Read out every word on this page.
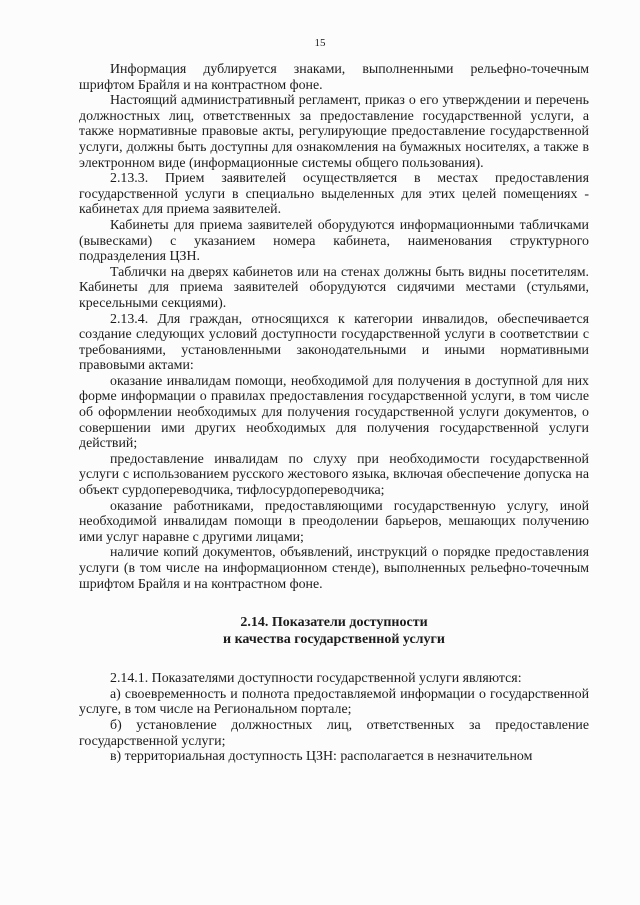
15

Информация дублируется знаками, выполненными рельефно-точечным шрифтом Брайля и на контрастном фоне.

Настоящий административный регламент, приказ о его утверждении и перечень должностных лиц, ответственных за предоставление государственной услуги, а также нормативные правовые акты, регулирующие предоставление государственной услуги, должны быть доступны для ознакомления на бумажных носителях, а также в электронном виде (информационные системы общего пользования).

2.13.3. Прием заявителей осуществляется в местах предоставления государственной услуги в специально выделенных для этих целей помещениях - кабинетах для приема заявителей.

Кабинеты для приема заявителей оборудуются информационными табличками (вывесками) с указанием номера кабинета, наименования структурного подразделения ЦЗН.

Таблички на дверях кабинетов или на стенах должны быть видны посетителям. Кабинеты для приема заявителей оборудуются сидячими местами (стульями, кресельными секциями).

2.13.4. Для граждан, относящихся к категории инвалидов, обеспечивается создание следующих условий доступности государственной услуги в соответствии с требованиями, установленными законодательными и иными нормативными правовыми актами:

оказание инвалидам помощи, необходимой для получения в доступной для них форме информации о правилах предоставления государственной услуги, в том числе об оформлении необходимых для получения государственной услуги документов, о совершении ими других необходимых для получения государственной услуги действий;

предоставление инвалидам по слуху при необходимости государственной услуги с использованием русского жестового языка, включая обеспечение допуска на объект сурдопереводчика, тифлосурдопереводчика;

оказание работниками, предоставляющими государственную услугу, иной необходимой инвалидам помощи в преодолении барьеров, мешающих получению ими услуг наравне с другими лицами;

наличие копий документов, объявлений, инструкций о порядке предоставления услуги (в том числе на информационном стенде), выполненных рельефно-точечным шрифтом Брайля и на контрастном фоне.

2.14. Показатели доступности
и качества государственной услуги

2.14.1. Показателями доступности государственной услуги являются:

а) своевременность и полнота предоставляемой информации о государственной услуге, в том числе на Региональном портале;

б) установление должностных лиц, ответственных за предоставление государственной услуги;

в) территориальная доступность ЦЗН: располагается в незначительном
